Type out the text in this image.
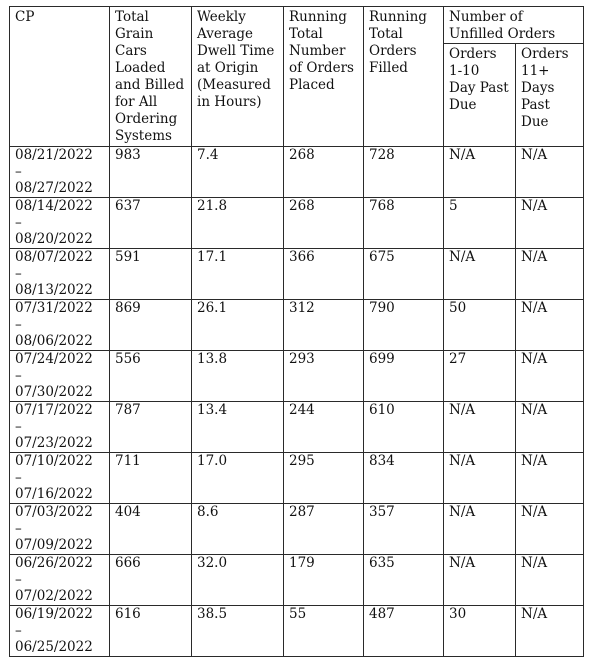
CP	Total Grain Cars Loaded and Billed for All Ordering Systems	Weekly Average Dwell Time at Origin (Measured in Hours)	Running Total Number of Orders Placed	Running Total Orders Filled	Number of Unfilled Orders	
					Orders 1-10 Day Past Due	Orders 11+ Days Past Due

08/21/2022
–
08/27/2022	983	7.4	268	728	N/A	N/A

08/14/2022
–
08/20/2022	637	21.8	268	768	5	N/A

08/07/2022
–
08/13/2022	591	17.1	366	675	N/A	N/A

07/31/2022
–
08/06/2022	869	26.1	312	790	50	N/A

07/24/2022
–
07/30/2022	556	13.8	293	699	27	N/A

07/17/2022
–
07/23/2022	787	13.4	244	610	N/A	N/A

07/10/2022
–
07/16/2022	711	17.0	295	834	N/A	N/A

07/03/2022
–
07/09/2022	404	8.6	287	357	N/A	N/A

06/26/2022
–
07/02/2022	666	32.0	179	635	N/A	N/A

06/19/2022
–
06/25/2022	616	38.5	55	487	30	N/A
